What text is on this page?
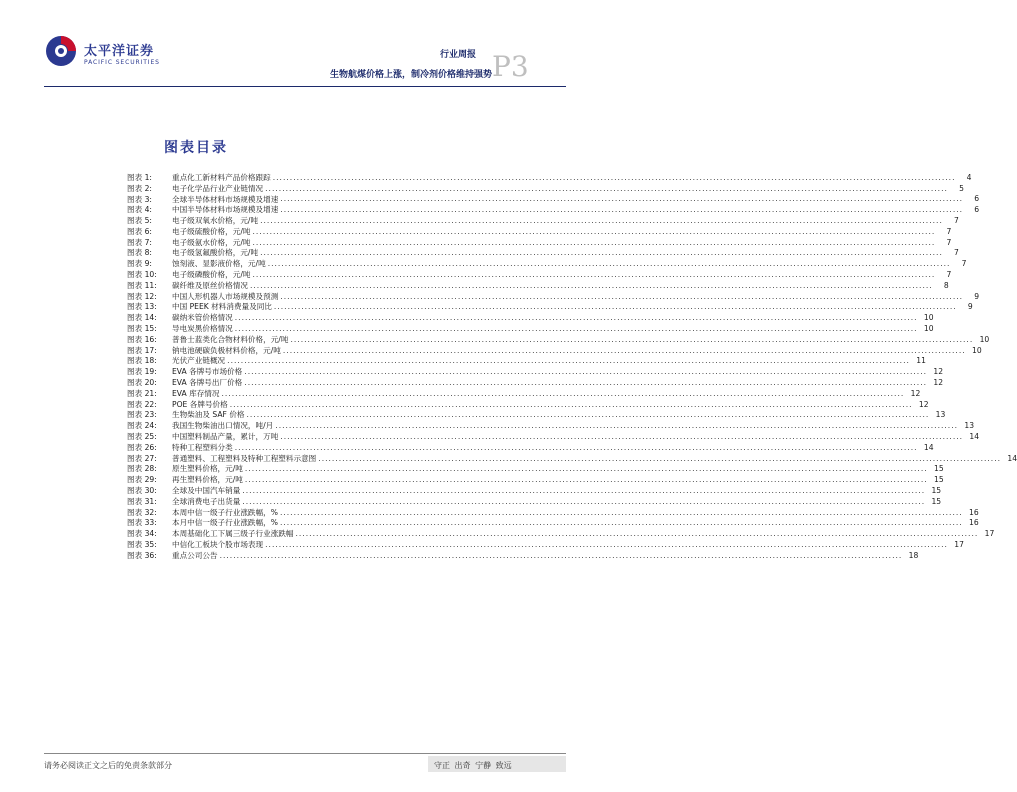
太平洋证券
PACIFIC SECURITIES
行业周报
生物航煤价格上涨，制冷剂价格维持强势 P3
图表目录
图表 1:	重点化工新材料产品价格跟踪 ........................................................................................................................................................................................................	4
图表 2:	电子化学品行业产业链情况 ........................................................................................................................................................................................................	5
图表 3:	全球半导体材料市场规模及增速 ........................................................................................................................................................................................................	6
图表 4:	中国半导体材料市场规模及增速 ........................................................................................................................................................................................................	6
图表 5:	电子级双氧水价格，元/吨 ........................................................................................................................................................................................................	7
图表 6:	电子级硫酸价格，元/吨 ........................................................................................................................................................................................................	7
图表 7:	电子级氨水价格，元/吨 ........................................................................................................................................................................................................	7
图表 8:	电子级氢氟酸价格，元/吨 ........................................................................................................................................................................................................	7
图表 9:	蚀刻液、显影液价格，元/吨 ........................................................................................................................................................................................................	7
图表 10:	电子级磷酸价格，元/吨 ........................................................................................................................................................................................................	7
图表 11:	碳纤维及原丝价格情况 ........................................................................................................................................................................................................	8
图表 12:	中国人形机器人市场规模及预测 ........................................................................................................................................................................................................	9
图表 13:	中国 PEEK 材料消费量及同比 ........................................................................................................................................................................................................	9
图表 14:	碳纳米管价格情况 ........................................................................................................................................................................................................ 10
图表 15:	导电炭黑价格情况 ........................................................................................................................................................................................................ 10
图表 16:	普鲁士蓝类化合物材料价格，元/吨 ........................................................................................................................................................................................................ 10
图表 17:	钠电池硬碳负极材料价格，元/吨 ........................................................................................................................................................................................................ 10
图表 18:	光伏产业链概况 ........................................................................................................................................................................................................ 11
图表 19:	EVA 各牌号市场价格 ........................................................................................................................................................................................................ 12
图表 20:	EVA 各牌号出厂价格 ........................................................................................................................................................................................................ 12
图表 21:	EVA 库存情况 ........................................................................................................................................................................................................ 12
图表 22:	POE 各牌号价格 ........................................................................................................................................................................................................ 12
图表 23:	生物柴油及 SAF 价格 ........................................................................................................................................................................................................ 13
图表 24:	我国生物柴油出口情况，吨/月 ........................................................................................................................................................................................................ 13
图表 25:	中国塑料制品产量，累计，万吨 ........................................................................................................................................................................................................ 14
图表 26:	特种工程塑料分类 ........................................................................................................................................................................................................ 14
图表 27:	普通塑料、工程塑料及特种工程塑料示意图 ........................................................................................................................................................................................................ 14
图表 28:	原生塑料价格，元/吨 ........................................................................................................................................................................................................ 15
图表 29:	再生塑料价格，元/吨 ........................................................................................................................................................................................................ 15
图表 30:	全球及中国汽车销量 ........................................................................................................................................................................................................ 15
图表 31:	全球消费电子出货量 ........................................................................................................................................................................................................ 15
图表 32:	本周中信一级子行业涨跌幅，% ........................................................................................................................................................................................................ 16
图表 33:	本月中信一级子行业涨跌幅，% ........................................................................................................................................................................................................ 16
图表 34:	本周基础化工下属三级子行业涨跌幅 ........................................................................................................................................................................................................ 17
图表 35:	中信化工板块个股市场表现 ........................................................................................................................................................................................................ 17
图表 36:	重点公司公告 ........................................................................................................................................................................................................ 18
请务必阅读正文之后的免责条款部分	守正 出奇 宁静 致远
